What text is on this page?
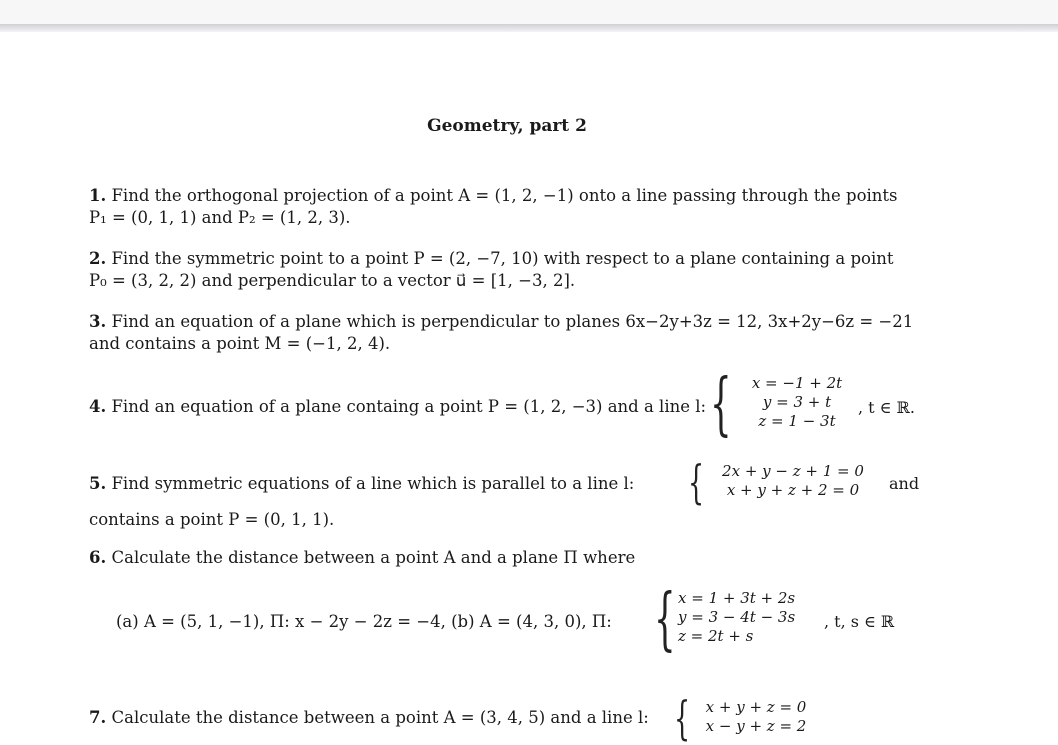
Geometry, part 2
1. Find the orthogonal projection of a point A = (1, 2, −1) onto a line passing through the points
P₁ = (0, 1, 1) and P₂ = (1, 2, 3).
2. Find the symmetric point to a point P = (2, −7, 10) with respect to a plane containing a point
P₀ = (3, 2, 2) and perpendicular to a vector u⃗ = [1, −3, 2].
3. Find an equation of a plane which is perpendicular to planes 6x−2y+3z = 12, 3x+2y−6z = −21
and contains a point M = (−1, 2, 4).
4. Find an equation of a plane containg a point P = (1, 2, −3) and a line l: {	x = −1 + 2t
y = 3 + t
z = 1 − 3t
, t ∈ ℝ.
5. Find symmetric equations of a line which is parallel to a line l: {	2x + y − z + 1 = 0
x + y + z + 2 = 0	and
contains a point P = (0, 1, 1).
6. Calculate the distance between a point A and a plane Π where
(a) A = (5, 1, −1), Π: x − 2y − 2z = −4, (b) A = (4, 3, 0), Π: { x = 1 + 3t + 2s
y = 3 − 4t − 3s
z = 2t + s
, t, s ∈ ℝ
7. Calculate the distance between a point A = (3, 4, 5) and a line l: {	x + y + z = 0
x − y + z = 2
